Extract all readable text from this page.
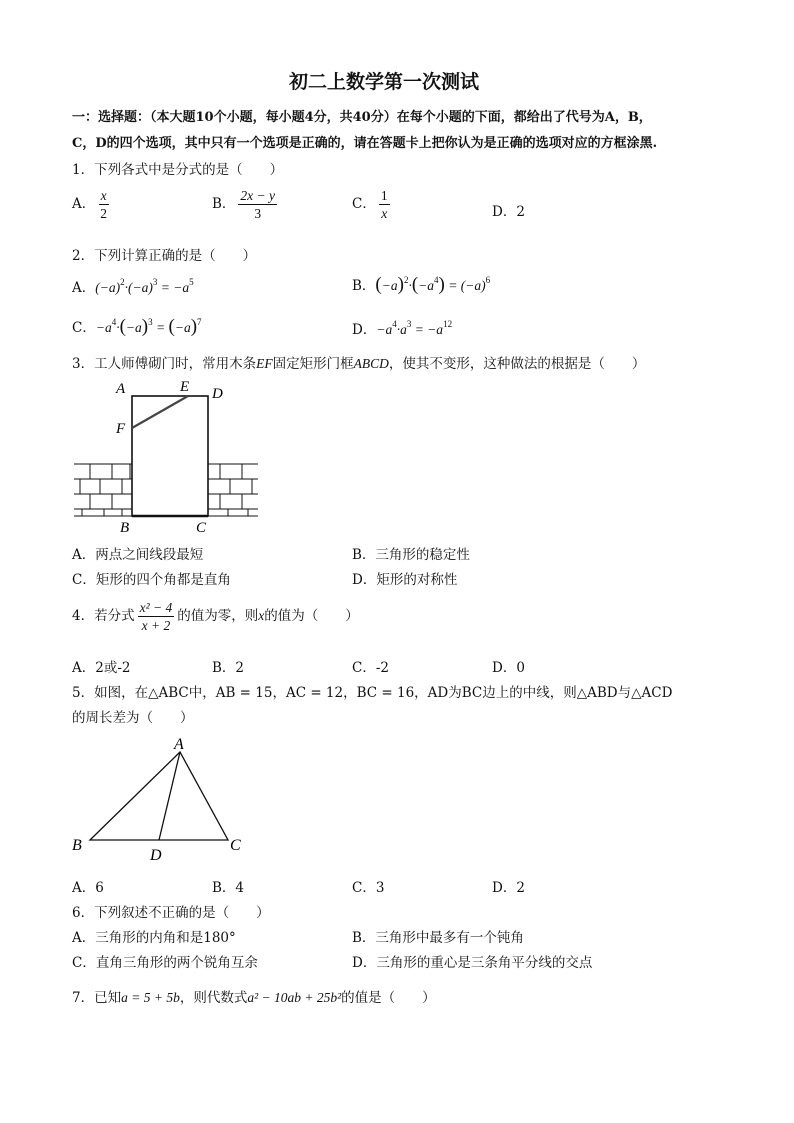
初二上数学第一次测试
一：选择题：（本大题10个小题，每小题4分，共40分）在每个小题的下面，都给出了代号为A，B，
C，D的四个选项，其中只有一个选项是正确的，请在答题卡上把你认为是正确的选项对应的方框涂黑.
1．下列各式中是分式的是（　　）
A． $\frac{x}{2}$	B． $\frac{2x - y}{3}$	C． $\frac{1}{x}$	D．2
2．下列计算正确的是（　　）
A．$(-a)^2\cdot(-a)^3 = -a^5$	B．$(-a)^2\cdot(-a^4) = (-a)^6$
C．$-a^4\cdot(-a)^3 = (-a)^7$	D．$-a^4\cdot a^3 = -a^{12}$
3．工人师傅砌门时，常用木条EF固定矩形门框ABCD，使其不变形，这种做法的根据是（　　）
A	E D
F
B	C
A．两点之间线段最短	B．三角形的稳定性
C．矩形的四个角都是直角	D．矩形的对称性
4．若分式 $\frac{\text{x² − 4}}{x + 2}$ 的值为零，则x的值为（　　）
A．2或-2	B．2	C．-2	D．0
5．如图，在△ABC中，AB = 15，AC = 12，BC = 16，AD为BC边上的中线，则△ABD与△ACD
的周长差为（　　）
A
B	C
D
A．6	B．4	C．3	D．2
6．下列叙述不正确的是（　　）
A．三角形的内角和是180°	B．三角形中最多有一个钝角
C．直角三角形的两个锐角互余	D．三角形的重心是三条角平分线的交点
7．已知a = 5 + 5b，则代数式a² − 10ab + 25b²的值是（　　）
